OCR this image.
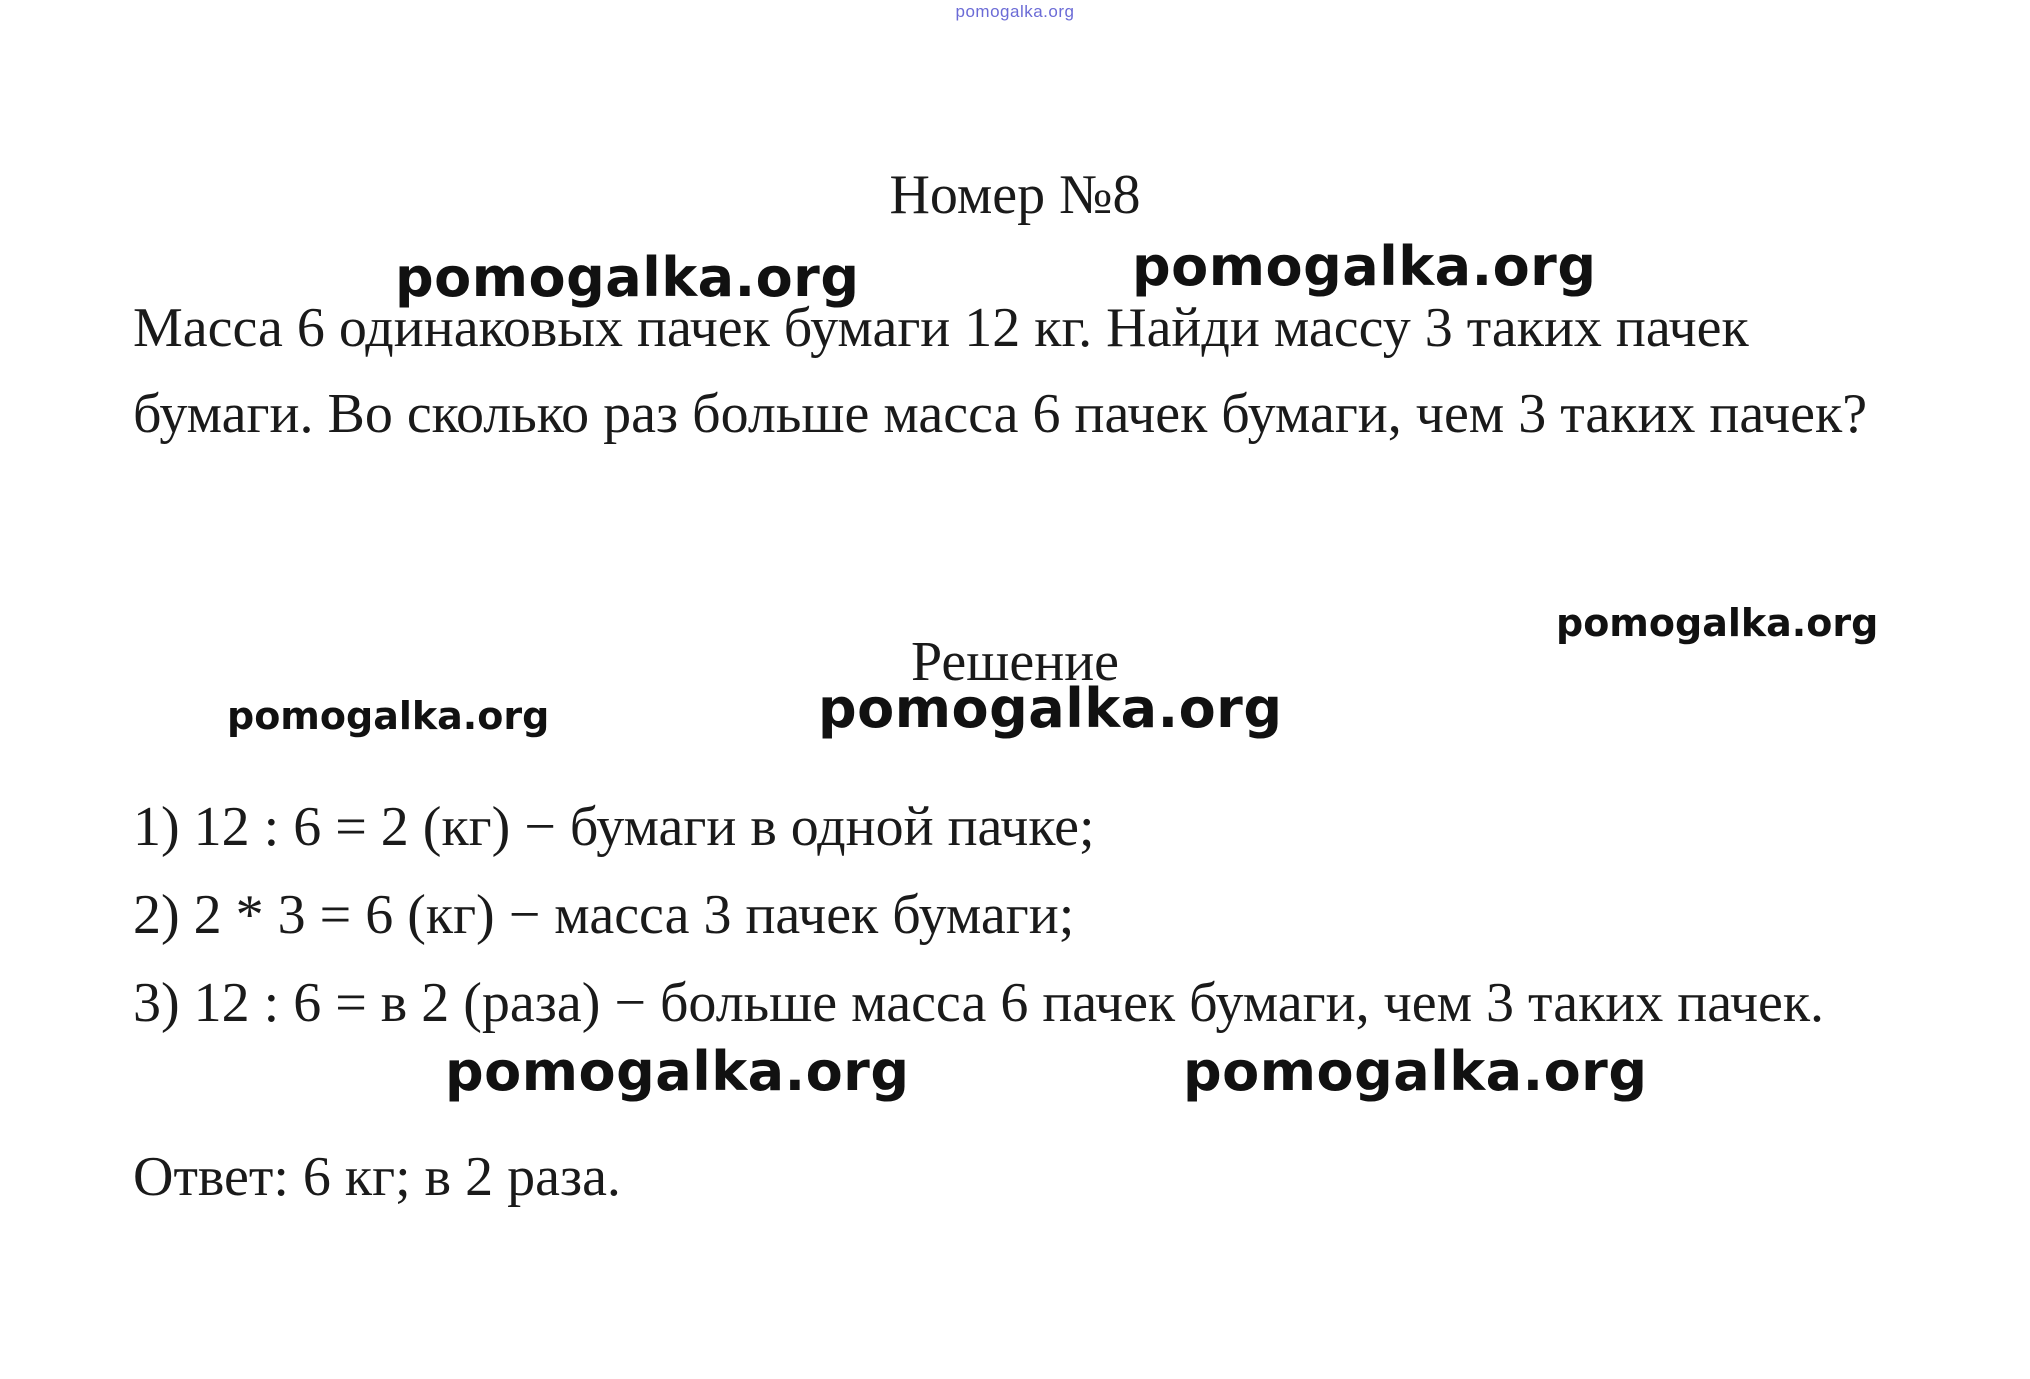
pomogalka.org
Номер №8

Масса 6 одинаковых пачек бумаги 12 кг. Найди массу 3 таких пачек бумаги. Во сколько раз больше масса 6 пачек бумаги, чем 3 таких пачек?

Решение
1) 12 : 6 = 2 (кг) − бумаги в одной пачке;
2) 2 * 3 = 6 (кг) − масса 3 пачек бумаги;
3) 12 : 6 = в 2 (раза) − больше масса 6 пачек бумаги, чем 3 таких пачек.
Ответ: 6 кг; в 2 раза.
pomogalka.org	pomogalka.org
pomogalka.org
pomogalka.org	pomogalka.org
pomogalka.org	pomogalka.org
